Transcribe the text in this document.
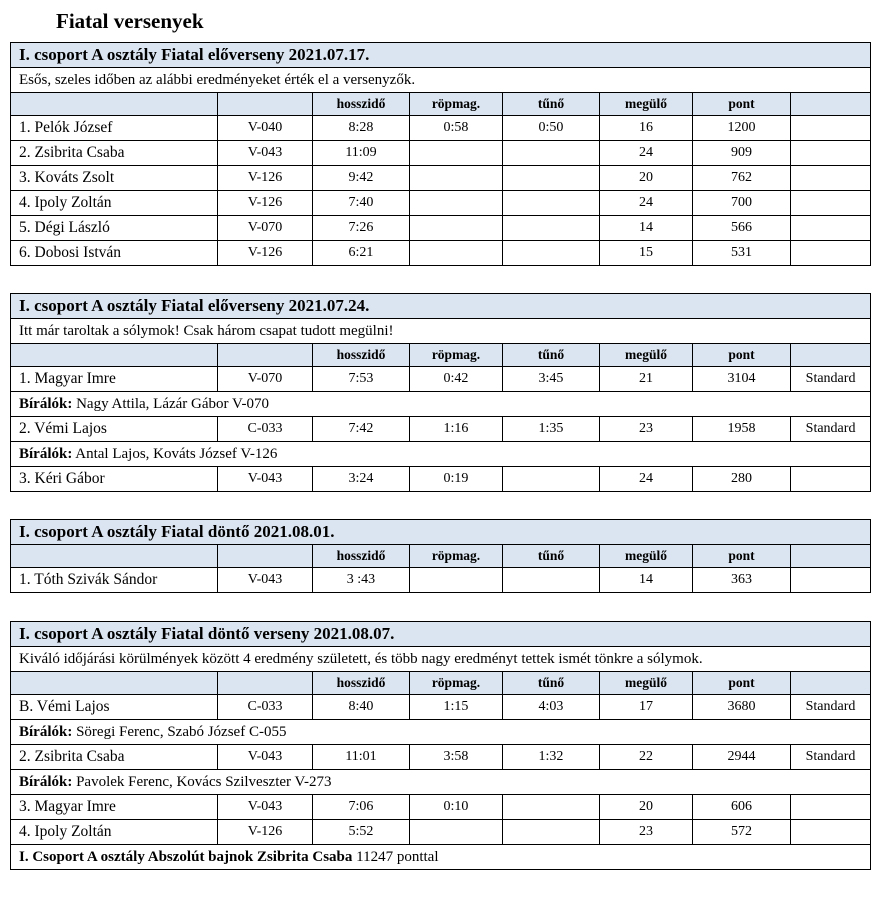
Fiatal versenyek
I. csoport A osztály Fiatal előverseny 2021.07.17.							
Esős, szeles időben az alábbi eredményeket érték el a versenyzők.							
		hosszidő	röpmag.	tűnő	megülő	pont	
1. Pelók József	V-040	8:28	0:58	0:50	16	1200	
2. Zsibrita Csaba	V-043	11:09			24	909	
3. Kováts Zsolt	V-126	9:42			20	762	
4. Ipoly Zoltán	V-126	7:40			24	700	
5. Dégi László	V-070	7:26			14	566	
6. Dobosi István	V-126	6:21			15	531	
I. csoport A osztály Fiatal előverseny 2021.07.24.							
Itt már taroltak a sólymok! Csak három csapat tudott megülni!							
		hosszidő	röpmag.	tűnő	megülő	pont	
1. Magyar Imre	V-070	7:53	0:42	3:45	21	3104	Standard
Bírálók: Nagy Attila, Lázár Gábor V-070							
2. Vémi Lajos	C-033	7:42	1:16	1:35	23	1958	Standard
Bírálók: Antal Lajos, Kováts József V-126							
3. Kéri Gábor	V-043	3:24	0:19		24	280	
I. csoport A osztály Fiatal döntő 2021.08.01.							
		hosszidő	röpmag.	tűnő	megülő	pont	
1. Tóth Szivák Sándor	V-043	3 :43			14	363	
I. csoport A osztály Fiatal döntő verseny 2021.08.07.							
Kiváló időjárási körülmények között 4 eredmény született, és több nagy eredményt tettek ismét tönkre a sólymok.							
		hosszidő	röpmag.	tűnő	megülő	pont	
B. Vémi Lajos	C-033	8:40	1:15	4:03	17	3680	Standard
Bírálók: Söregi Ferenc, Szabó József C-055							
2. Zsibrita Csaba	V-043	11:01	3:58	1:32	22	2944	Standard
Bírálók: Pavolek Ferenc, Kovács Szilveszter V-273							
3. Magyar Imre	V-043	7:06	0:10		20	606	
4. Ipoly Zoltán	V-126	5:52			23	572	
I. Csoport A osztály Abszolút bajnok Zsibrita Csaba 11247 ponttal							
